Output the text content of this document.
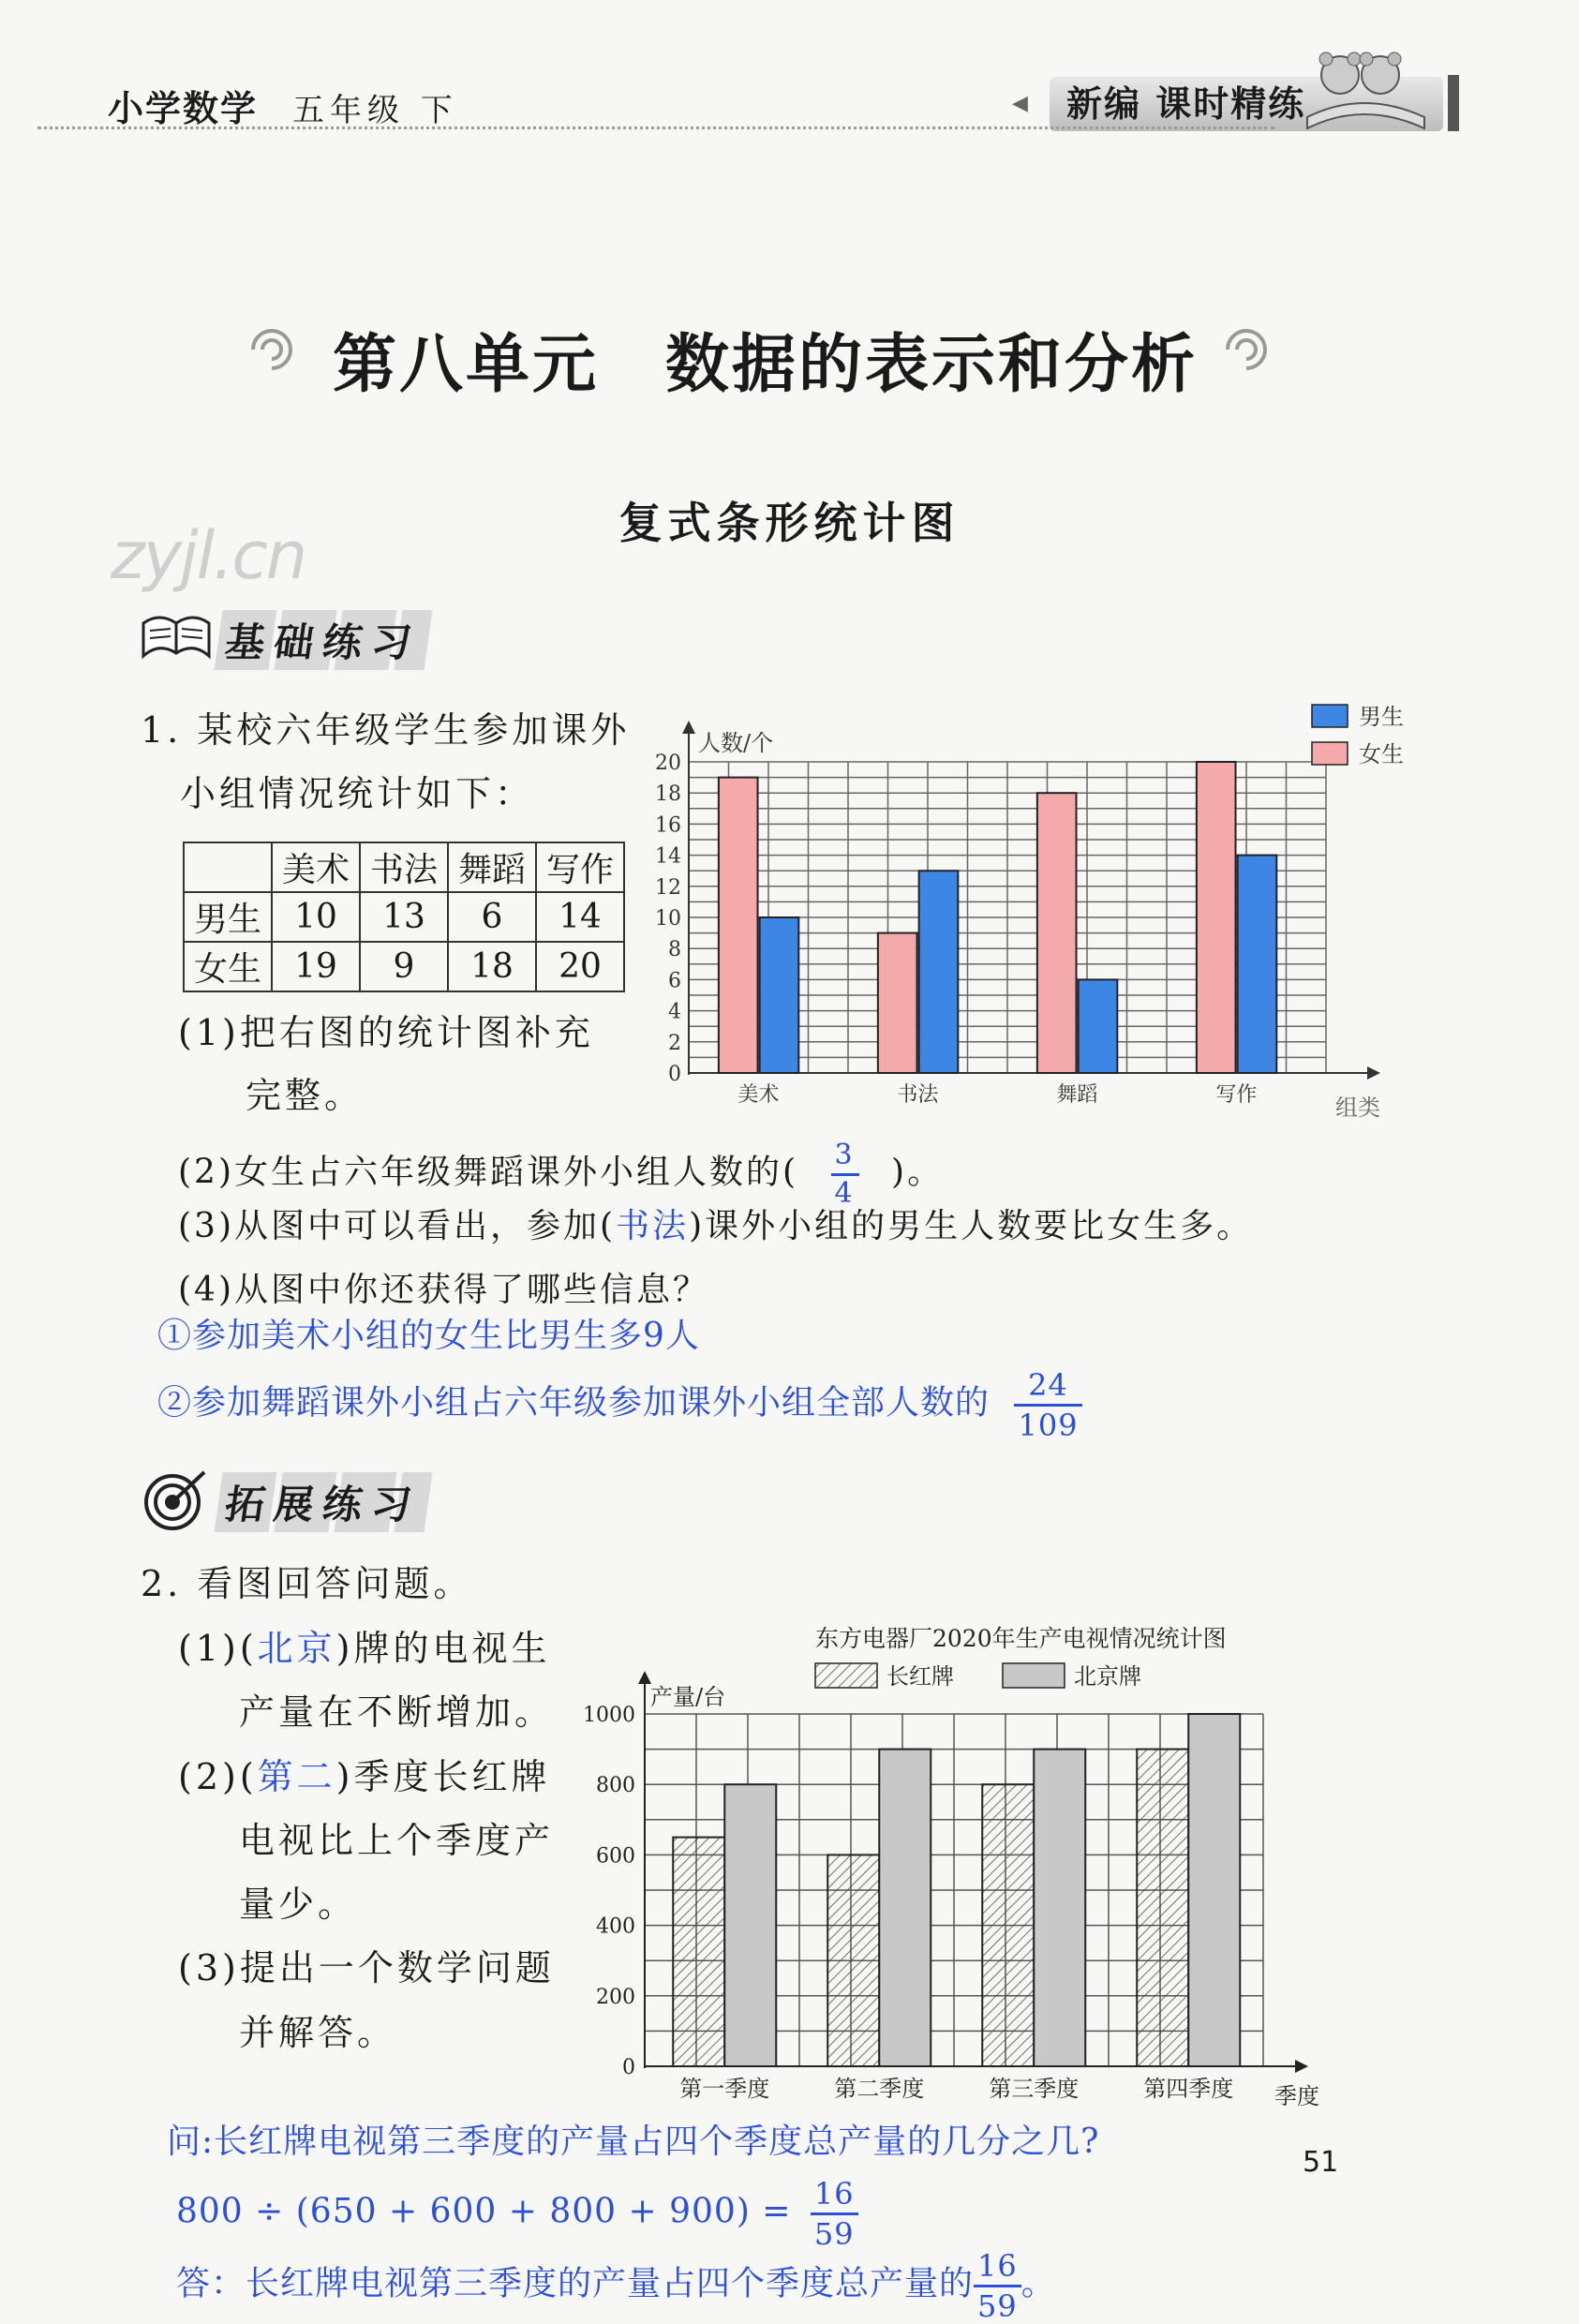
小学数学 五年级 下	◀	新编 课时精练
第八单元　数据的表示和分析
复式条形统计图
zyjl.cn
基础练习
1. 某校六年级学生参加课外
小组情况统计如下：
	美术	书法	舞蹈	写作
男生	10	13	6	14
女生	19	9	18	20
(1)把右图的统计图补充
完整。
(2)女生占六年级舞蹈课外小组人数的( $\frac{3}{4}$ )。
(3)从图中可以看出，参加(书法)课外小组的男生人数要比女生多。
(4)从图中你还获得了哪些信息？
①参加美术小组的女生比男生多9人
②参加舞蹈课外小组占六年级参加课外小组全部人数的 $\frac{24}{109}$
0
2
4
6
8
10
12
14
16
18
20
人数/个
组类
美术	书法	舞蹈	写作
男生
女生
拓展练习
2. 看图回答问题。
(1)(北京)牌的电视生
产量在不断增加。
(2)(第二)季度长红牌
电视比上个季度产
量少。
(3)提出一个数学问题
并解答。
东方电器厂2020年生产电视情况统计图
长红牌	北京牌
产量/台
季度
0
200
400
600
800
1000
第一季度	第二季度	第三季度	第四季度
问:长红牌电视第三季度的产量占四个季度总产量的几分之几?
$800 \div (650 + 600 + 800 + 900) = \frac{16}{59}$
答：长红牌电视第三季度的产量占四个季度总产量的 $\frac{16}{59}$ 。
51
